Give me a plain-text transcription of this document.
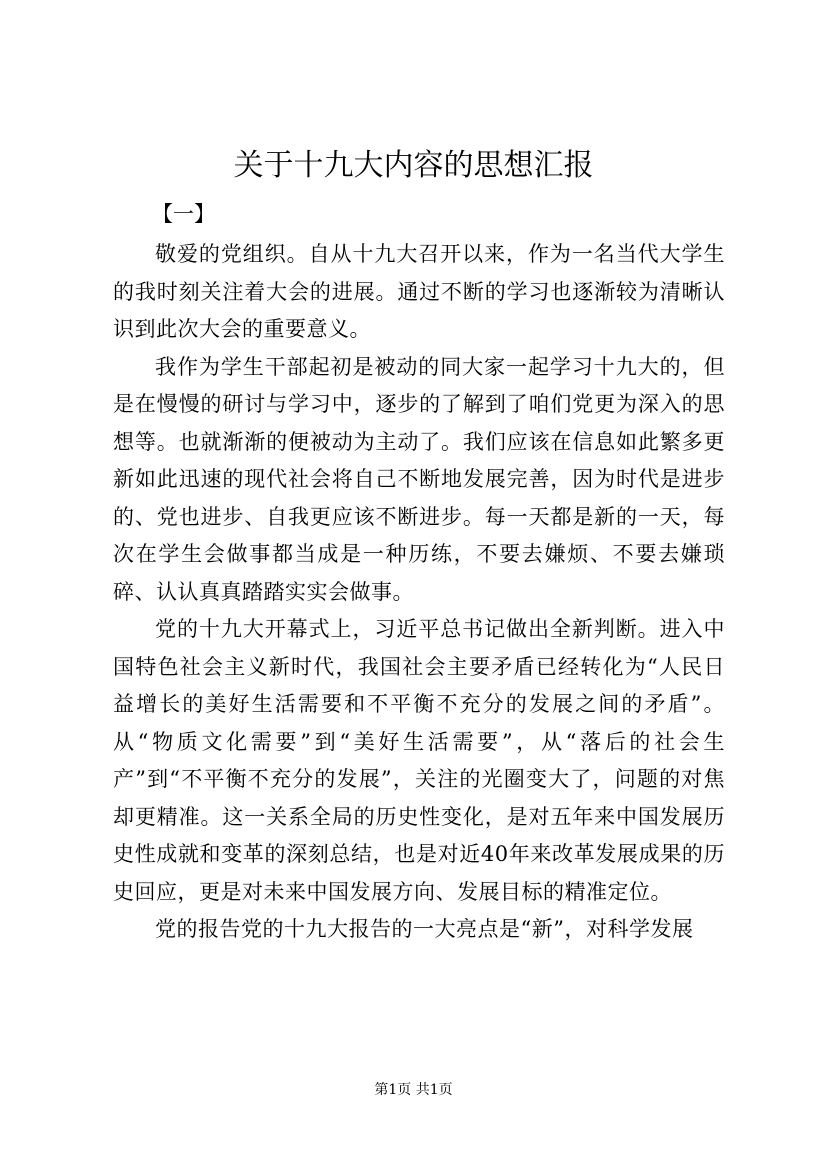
关于十九大内容的思想汇报
【一】

敬爱的党组织。自从十九大召开以来，作为一名当代大学生的我时刻关注着大会的进展。通过不断的学习也逐渐较为清晰认识到此次大会的重要意义。

我作为学生干部起初是被动的同大家一起学习十九大的，但是在慢慢的研讨与学习中，逐步的了解到了咱们党更为深入的思想等。也就渐渐的便被动为主动了。我们应该在信息如此繁多更新如此迅速的现代社会将自己不断地发展完善，因为时代是进步的、党也进步、自我更应该不断进步。每一天都是新的一天，每次在学生会做事都当成是一种历练，不要去嫌烦、不要去嫌琐碎、认认真真踏踏实实会做事。

党的十九大开幕式上，习近平总书记做出全新判断。进入中国特色社会主义新时代，我国社会主要矛盾已经转化为“人民日益增长的美好生活需要和不平衡不充分的发展之间的矛盾”。从“物质文化需要”到“美好生活需要”，从“落后的社会生产”到“不平衡不充分的发展”，关注的光圈变大了，问题的对焦却更精准。这一关系全局的历史性变化，是对五年来中国发展历史性成就和变革的深刻总结，也是对近40年来改革发展成果的历史回应，更是对未来中国发展方向、发展目标的精准定位。

党的报告党的十九大报告的一大亮点是“新”，对科学发展

第1页 共1页
